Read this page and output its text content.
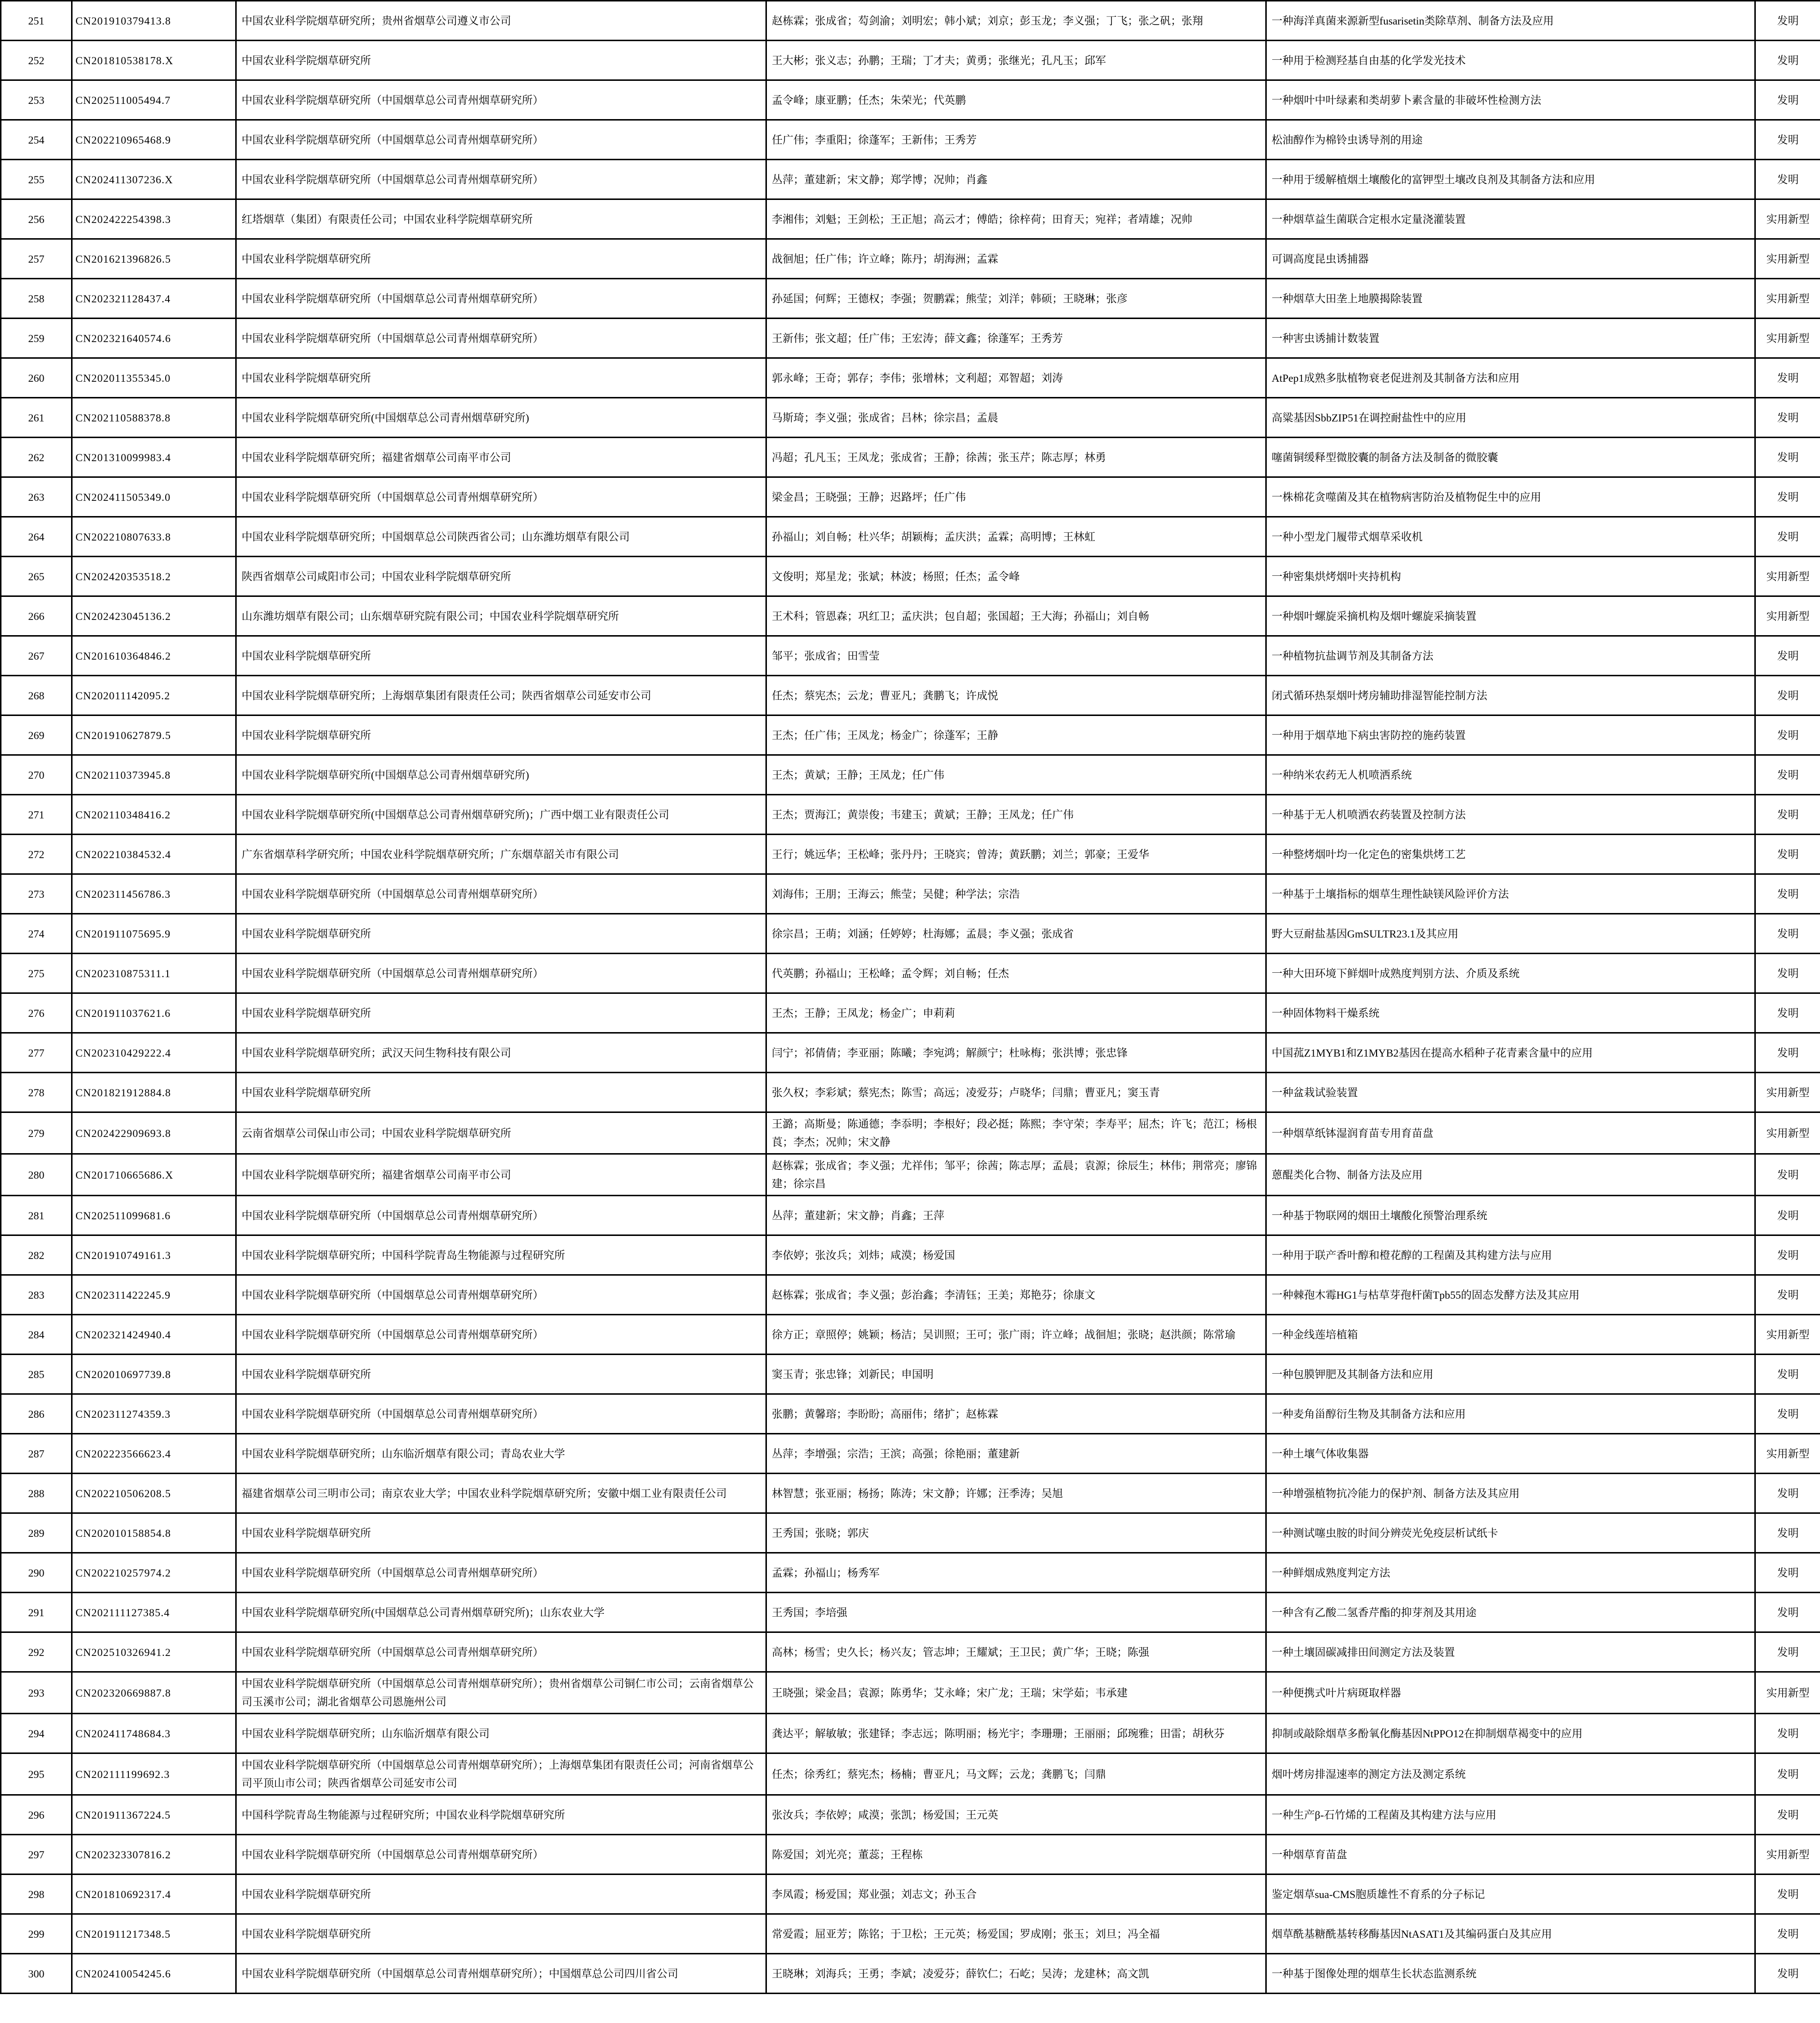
251	CN201910379413.8	中国农业科学院烟草研究所；贵州省烟草公司遵义市公司	赵栋霖；张成省；芶剑渝；刘明宏；韩小斌；刘京；彭玉龙；李义强；丁飞；张之矾；张翔	一种海洋真菌来源新型fusarisetin类除草剂、制备方法及应用	发明
252	CN201810538178.X	中国农业科学院烟草研究所	王大彬；张义志；孙鹏；王瑞；丁才夫；黄勇；张继光；孔凡玉；邱军	一种用于检测羟基自由基的化学发光技术	发明
253	CN202511005494.7	中国农业科学院烟草研究所（中国烟草总公司青州烟草研究所）	孟令峰；康亚鹏；任杰；朱荣光；代英鹏	一种烟叶中叶绿素和类胡萝卜素含量的非破坏性检测方法	发明
254	CN202210965468.9	中国农业科学院烟草研究所（中国烟草总公司青州烟草研究所）	任广伟；李重阳；徐蓬军；王新伟；王秀芳	松油醇作为棉铃虫诱导剂的用途	发明
255	CN202411307236.X	中国农业科学院烟草研究所（中国烟草总公司青州烟草研究所）	丛萍；董建新；宋文静；郑学博；况帅；肖鑫	一种用于缓解植烟土壤酸化的富钾型土壤改良剂及其制备方法和应用	发明
256	CN202422254398.3	红塔烟草（集团）有限责任公司；中国农业科学院烟草研究所	李湘伟；刘魁；王剑松；王正旭；高云才；傅皓；徐梓荷；田育天；宛祥；者靖雄；况帅	一种烟草益生菌联合定根水定量浇灌装置	实用新型
257	CN201621396826.5	中国农业科学院烟草研究所	战徊旭；任广伟；许立峰；陈丹；胡海洲；孟霖	可调高度昆虫诱捕器	实用新型
258	CN202321128437.4	中国农业科学院烟草研究所（中国烟草总公司青州烟草研究所）	孙延国；何辉；王德权；李强；贺鹏霖；熊莹；刘洋；韩硕；王晓琳；张彦	一种烟草大田垄上地膜揭除装置	实用新型
259	CN202321640574.6	中国农业科学院烟草研究所（中国烟草总公司青州烟草研究所）	王新伟；张文超；任广伟；王宏涛；薛文鑫；徐蓬军；王秀芳	一种害虫诱捕计数装置	实用新型
260	CN202011355345.0	中国农业科学院烟草研究所	郭永峰；王奇；郭存；李伟；张增林；文利超；邓智超；刘涛	AtPep1成熟多肽植物衰老促进剂及其制备方法和应用	发明
261	CN202110588378.8	中国农业科学院烟草研究所(中国烟草总公司青州烟草研究所)	马斯琦；李义强；张成省；吕林；徐宗昌；孟晨	高粱基因SbbZIP51在调控耐盐性中的应用	发明
262	CN201310099983.4	中国农业科学院烟草研究所；福建省烟草公司南平市公司	冯超；孔凡玉；王凤龙；张成省；王静；徐茜；张玉芹；陈志厚；林勇	噻菌铜缓释型微胶囊的制备方法及制备的微胶囊	发明
263	CN202411505349.0	中国农业科学院烟草研究所（中国烟草总公司青州烟草研究所）	梁金昌；王晓强；王静；迟路坪；任广伟	一株棉花贪噬菌及其在植物病害防治及植物促生中的应用	发明
264	CN202210807633.8	中国农业科学院烟草研究所；中国烟草总公司陕西省公司；山东潍坊烟草有限公司	孙福山；刘自畅；杜兴华；胡颖梅；孟庆洪；孟霖；高明博；王林虹	一种小型龙门履带式烟草采收机	发明
265	CN202420353518.2	陕西省烟草公司咸阳市公司；中国农业科学院烟草研究所	文俊明；郑星龙；张斌；林波；杨照；任杰；孟令峰	一种密集烘烤烟叶夹持机构	实用新型
266	CN202423045136.2	山东潍坊烟草有限公司；山东烟草研究院有限公司；中国农业科学院烟草研究所	王术科；管恩森；巩红卫；孟庆洪；包自超；张国超；王大海；孙福山；刘自畅	一种烟叶螺旋采摘机构及烟叶螺旋采摘装置	实用新型
267	CN201610364846.2	中国农业科学院烟草研究所	邹平；张成省；田雪莹	一种植物抗盐调节剂及其制备方法	发明
268	CN202011142095.2	中国农业科学院烟草研究所；上海烟草集团有限责任公司；陕西省烟草公司延安市公司	任杰；蔡宪杰；云龙；曹亚凡；龚鹏飞；许成悦	闭式循环热泵烟叶烤房辅助排湿智能控制方法	发明
269	CN201910627879.5	中国农业科学院烟草研究所	王杰；任广伟；王凤龙；杨金广；徐蓬军；王静	一种用于烟草地下病虫害防控的施药装置	发明
270	CN202110373945.8	中国农业科学院烟草研究所(中国烟草总公司青州烟草研究所)	王杰；黄斌；王静；王凤龙；任广伟	一种纳米农药无人机喷洒系统	发明
271	CN202110348416.2	中国农业科学院烟草研究所(中国烟草总公司青州烟草研究所)；广西中烟工业有限责任公司	王杰；贾海江；黄崇俊；韦建玉；黄斌；王静；王凤龙；任广伟	一种基于无人机喷洒农药装置及控制方法	发明
272	CN202210384532.4	广东省烟草科学研究所；中国农业科学院烟草研究所；广东烟草韶关市有限公司	王行；姚远华；王松峰；张丹丹；王晓宾；曾涛；黄跃鹏；刘兰；郭豪；王爱华	一种整烤烟叶均一化定色的密集烘烤工艺	发明
273	CN202311456786.3	中国农业科学院烟草研究所（中国烟草总公司青州烟草研究所）	刘海伟；王朋；王海云；熊莹；吴健；种学法；宗浩	一种基于土壤指标的烟草生理性缺镁风险评价方法	发明
274	CN201911075695.9	中国农业科学院烟草研究所	徐宗昌；王萌；刘涵；任婷婷；杜海娜；孟晨；李义强；张成省	野大豆耐盐基因GmSULTR23.1及其应用	发明
275	CN202310875311.1	中国农业科学院烟草研究所（中国烟草总公司青州烟草研究所）	代英鹏；孙福山；王松峰；孟令辉；刘自畅；任杰	一种大田环境下鲜烟叶成熟度判别方法、介质及系统	发明
276	CN201911037621.6	中国农业科学院烟草研究所	王杰；王静；王凤龙；杨金广；申莉莉	一种固体物料干燥系统	发明
277	CN202310429222.4	中国农业科学院烟草研究所；武汉天问生物科技有限公司	闫宁；祁倩倩；李亚丽；陈曦；李宛鸿；解颜宁；杜咏梅；张洪博；张忠锋	中国菰Z1MYB1和Z1MYB2基因在提高水稻种子花青素含量中的应用	发明
278	CN201821912884.8	中国农业科学院烟草研究所	张久权；李彩斌；蔡宪杰；陈雪；高远；凌爱芬；卢晓华；闫鼎；曹亚凡；窦玉青	一种盆栽试验装置	实用新型
279	CN202422909693.8	云南省烟草公司保山市公司；中国农业科学院烟草研究所	王潞；高斯曼；陈通德；李忝明；李根好；段必挺；陈熙；李守荣；李寿平；屈杰；许飞；范江；杨根莨；李杰；况帅；宋文静	一种烟草纸钵湿润育苗专用育苗盘	实用新型
280	CN201710665686.X	中国农业科学院烟草研究所；福建省烟草公司南平市公司	赵栋霖；张成省；李义强；尤祥伟；邹平；徐茜；陈志厚；孟晨；袁源；徐辰生；林伟；荆常亮；廖锦建；徐宗昌	蒽醌类化合物、制备方法及应用	发明
281	CN202511099681.6	中国农业科学院烟草研究所（中国烟草总公司青州烟草研究所）	丛萍；董建新；宋文静；肖鑫；王萍	一种基于物联网的烟田土壤酸化预警治理系统	发明
282	CN201910749161.3	中国农业科学院烟草研究所；中国科学院青岛生物能源与过程研究所	李依婷；张汝兵；刘炜；咸漠；杨爱国	一种用于联产香叶醇和橙花醇的工程菌及其构建方法与应用	发明
283	CN202311422245.9	中国农业科学院烟草研究所（中国烟草总公司青州烟草研究所）	赵栋霖；张成省；李义强；彭治鑫；李清钰；王美；郑艳芬；徐康文	一种棘孢木霉HG1与枯草芽孢杆菌Tpb55的固态发酵方法及其应用	发明
284	CN202321424940.4	中国农业科学院烟草研究所（中国烟草总公司青州烟草研究所）	徐方正；章照停；姚颖；杨洁；吴训照；王可；张广雨；许立峰；战徊旭；张晓；赵洪颜；陈常瑜	一种金线莲培植箱	实用新型
285	CN202010697739.8	中国农业科学院烟草研究所	窦玉青；张忠锋；刘新民；申国明	一种包膜钾肥及其制备方法和应用	发明
286	CN202311274359.3	中国农业科学院烟草研究所（中国烟草总公司青州烟草研究所）	张鹏；黄馨瑢；李盼盼；高丽伟；绪扩；赵栋霖	一种麦角甾醇衍生物及其制备方法和应用	发明
287	CN202223566623.4	中国农业科学院烟草研究所；山东临沂烟草有限公司；青岛农业大学	丛萍；李增强；宗浩；王滨；高强；徐艳丽；董建新	一种土壤气体收集器	实用新型
288	CN202210506208.5	福建省烟草公司三明市公司；南京农业大学；中国农业科学院烟草研究所；安徽中烟工业有限责任公司	林智慧；张亚丽；杨扬；陈涛；宋文静；许娜；汪季涛；吴旭	一种增强植物抗冷能力的保护剂、制备方法及其应用	发明
289	CN202010158854.8	中国农业科学院烟草研究所	王秀国；张晓；郭庆	一种测试噻虫胺的时间分辨荧光免疫层析试纸卡	发明
290	CN202210257974.2	中国农业科学院烟草研究所（中国烟草总公司青州烟草研究所）	孟霖；孙福山；杨秀军	一种鲜烟成熟度判定方法	发明
291	CN202111127385.4	中国农业科学院烟草研究所(中国烟草总公司青州烟草研究所)；山东农业大学	王秀国；李培强	一种含有乙酸二氢香芹酯的抑芽剂及其用途	发明
292	CN202510326941.2	中国农业科学院烟草研究所（中国烟草总公司青州烟草研究所）	高林；杨雪；史久长；杨兴友；管志坤；王耀斌；王卫民；黄广华；王晓；陈强	一种土壤固碳减排田间测定方法及装置	发明
293	CN202320669887.8	中国农业科学院烟草研究所（中国烟草总公司青州烟草研究所）；贵州省烟草公司铜仁市公司；云南省烟草公司玉溪市公司；湖北省烟草公司恩施州公司	王晓强；梁金昌；袁源；陈勇华；艾永峰；宋广龙；王瑞；宋学茹；韦承建	一种便携式叶片病斑取样器	实用新型
294	CN202411748684.3	中国农业科学院烟草研究所；山东临沂烟草有限公司	龚达平；解敏敏；张建铎；李志远；陈明丽；杨光宇；李珊珊；王丽丽；邱琬雅；田雷；胡秋芬	抑制或敲除烟草多酚氧化酶基因NtPPO12在抑制烟草褐变中的应用	发明
295	CN202111199692.3	中国农业科学院烟草研究所（中国烟草总公司青州烟草研究所）；上海烟草集团有限责任公司；河南省烟草公司平顶山市公司；陕西省烟草公司延安市公司	任杰；徐秀红；蔡宪杰；杨楠；曹亚凡；马文辉；云龙；龚鹏飞；闫鼎	烟叶烤房排湿速率的测定方法及测定系统	发明
296	CN201911367224.5	中国科学院青岛生物能源与过程研究所；中国农业科学院烟草研究所	张汝兵；李依婷；咸漠；张凯；杨爱国；王元英	一种生产β-石竹烯的工程菌及其构建方法与应用	发明
297	CN202323307816.2	中国农业科学院烟草研究所（中国烟草总公司青州烟草研究所）	陈爱国；刘光亮；董蕊；王程栋	一种烟草育苗盘	实用新型
298	CN201810692317.4	中国农业科学院烟草研究所	李凤霞；杨爱国；郑业强；刘志文；孙玉合	鉴定烟草sua-CMS胞质雄性不育系的分子标记	发明
299	CN201911217348.5	中国农业科学院烟草研究所	常爱霞；屈亚芳；陈铭；于卫松；王元英；杨爱国；罗成刚；张玉；刘旦；冯全福	烟草酰基糖酰基转移酶基因NtASAT1及其编码蛋白及其应用	发明
300	CN202410054245.6	中国农业科学院烟草研究所（中国烟草总公司青州烟草研究所）；中国烟草总公司四川省公司	王晓琳；刘海兵；王勇；李斌；凌爱芬；薛钦仁；石屹；吴涛；龙建林；高文凯	一种基于图像处理的烟草生长状态监测系统	发明
